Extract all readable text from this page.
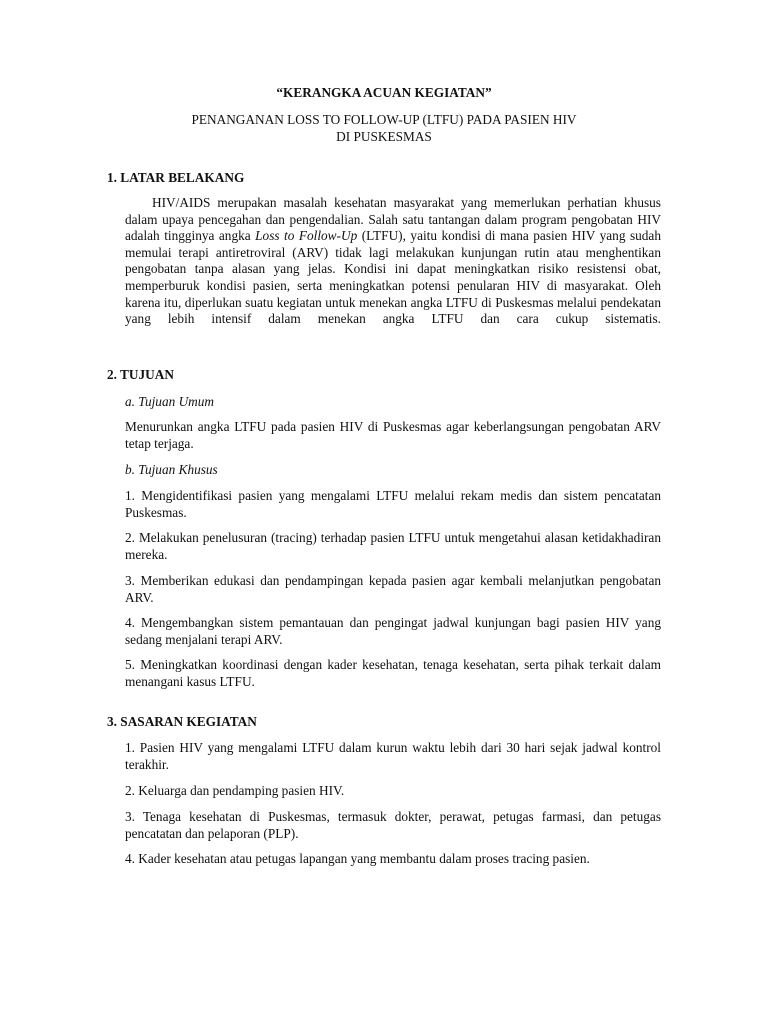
“KERANGKA ACUAN KEGIATAN”
PENANGANAN LOSS TO FOLLOW-UP (LTFU) PADA PASIEN HIV
DI PUSKESMAS
1. LATAR BELAKANG

HIV/AIDS merupakan masalah kesehatan masyarakat yang memerlukan perhatian khusus dalam upaya pencegahan dan pengendalian. Salah satu tantangan dalam program pengobatan HIV adalah tingginya angka Loss to Follow-Up (LTFU), yaitu kondisi di mana pasien HIV yang sudah memulai terapi antiretroviral (ARV) tidak lagi melakukan kunjungan rutin atau menghentikan pengobatan tanpa alasan yang jelas. Kondisi ini dapat meningkatkan risiko resistensi obat, memperburuk kondisi pasien, serta meningkatkan potensi penularan HIV di masyarakat. Oleh karena itu, diperlukan suatu kegiatan untuk menekan angka LTFU di Puskesmas melalui pendekatan yang lebih intensif dalam menekan angka LTFU dan cara cukup sistematis.

2. TUJUAN
a. Tujuan Umum

Menurunkan angka LTFU pada pasien HIV di Puskesmas agar keberlangsungan pengobatan ARV tetap terjaga.

b. Tujuan Khusus

1. Mengidentifikasi pasien yang mengalami LTFU melalui rekam medis dan sistem pencatatan Puskesmas.

2. Melakukan penelusuran (tracing) terhadap pasien LTFU untuk mengetahui alasan ketidakhadiran mereka.

3. Memberikan edukasi dan pendampingan kepada pasien agar kembali melanjutkan pengobatan ARV.

4. Mengembangkan sistem pemantauan dan pengingat jadwal kunjungan bagi pasien HIV yang sedang menjalani terapi ARV.

5. Meningkatkan koordinasi dengan kader kesehatan, tenaga kesehatan, serta pihak terkait dalam menangani kasus LTFU.

3. SASARAN KEGIATAN

1. Pasien HIV yang mengalami LTFU dalam kurun waktu lebih dari 30 hari sejak jadwal kontrol terakhir.

2. Keluarga dan pendamping pasien HIV.

3. Tenaga kesehatan di Puskesmas, termasuk dokter, perawat, petugas farmasi, dan petugas pencatatan dan pelaporan (PLP).

4. Kader kesehatan atau petugas lapangan yang membantu dalam proses tracing pasien.
